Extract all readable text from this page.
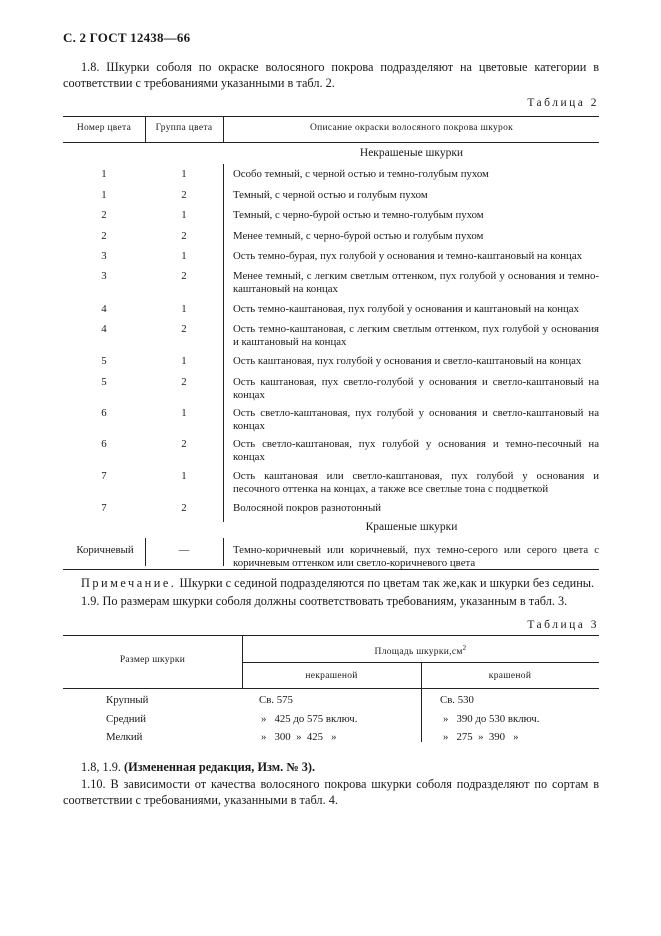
С. 2 ГОСТ 12438—66
1.8. Шкурки соболя по окраске волосяного покрова подразделяют на цветовые категории в соответствии с требованиями указанными в табл. 2.
Таблица 2
Номер цвета	Группа цвета	Описание окраски волосяного покрова шкурок
Некрашеные шкурки
1	1	Особо темный, с черной остью и темно-голубым пухом
1	2	Темный, с черной остью и голубым пухом
2	1	Темный, с черно-бурой остью и темно-голубым пухом
2	2	Менее темный, с черно-бурой остью и голубым пухом
3	1	Ость темно-бурая, пух голубой у основания и темно-каштановый на концах
3	2	Менее темный, с легким светлым оттенком, пух голубой у основания и темно-каштановый на концах
4	1	Ость темно-каштановая, пух голубой у основания и каштановый на концах
4	2	Ость темно-каштановая, с легким светлым оттенком, пух голубой у основания и каштановый на концах
5	1	Ость каштановая, пух голубой у основания и светло-каштановый на концах
5	2	Ость каштановая, пух светло-голубой у основания и светло-каштановый на концах
6	1	Ость светло-каштановая, пух голубой у основания и светло-каштановый на концах
6	2	Ость светло-каштановая, пух голубой у основания и темно-песочный на концах
7	1	Ость каштановая или светло-каштановая, пух голубой у основания и песочного оттенка на концах, а также все светлые тона с подцветкой
7	2	Волосяной покров разнотонный
Крашеные шкурки
Коричневый	—	Темно-коричневый или коричневый, пух темно-серого или серого цвета с коричневым оттенком или светло-коричневого цвета
Примечание. Шкурки с сединой подразделяются по цветам так же,как и шкурки без седины.
1.9. По размерам шкурки соболя должны соответствовать требованиям, указанным в табл. 3.
Таблица 3
Размер шкурки
Площадь $шкурки,см^2$
некрашеной	крашеной
Крупный	Св. 575	Св. 530
Средний	»   425 до 575 включ.	»   390 до 530 включ.
Мелкий	»   300  »  425   »	»   275  »  390   »
1.8, 1.9. (Измененная редакция, Изм. № 3).
1.10. В зависимости от качества волосяного покрова шкурки соболя подразделяют по сортам в соответствии с требованиями, указанными в табл. 4.
